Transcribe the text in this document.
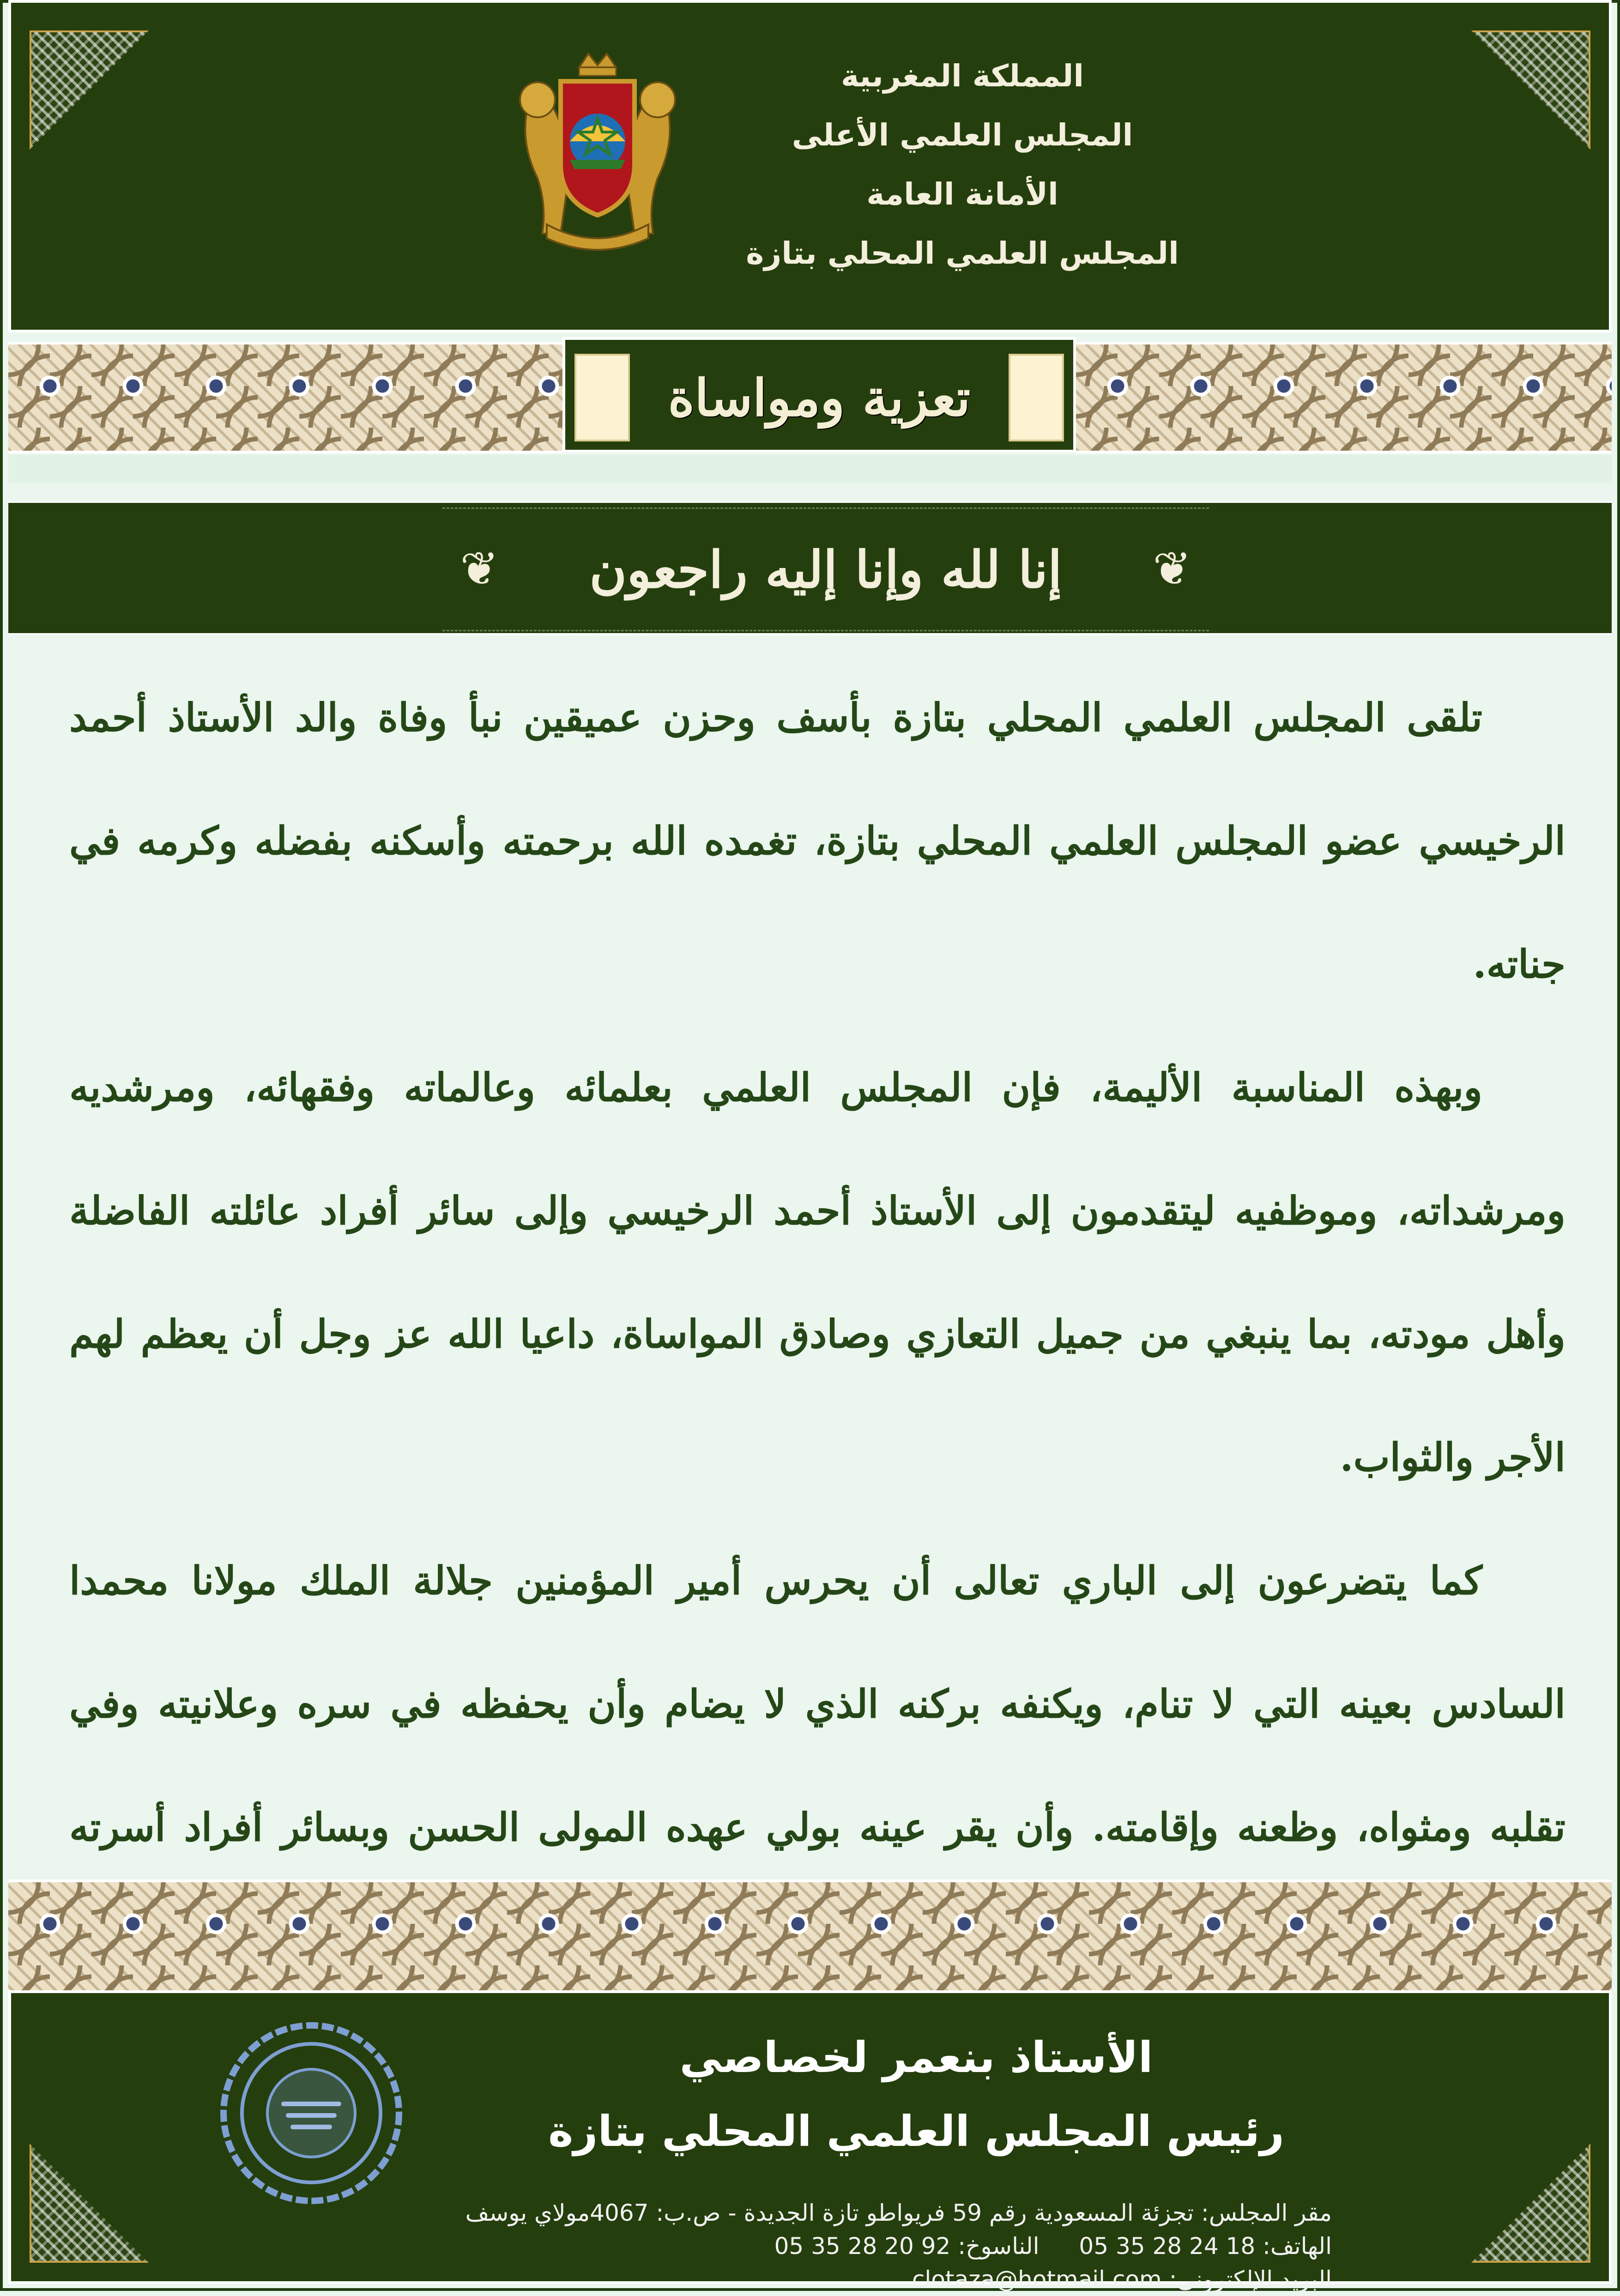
المملكة المغربية
المجلس العلمي الأعلى
الأمانة العامة
المجلس العلمي المحلي بتازة
تعزية ومواساة
❦ إنا لله وإنا إليه راجعون ❦

تلقى المجلس العلمي المحلي بتازة بأسف وحزن عميقين نبأ وفاة والد الأستاذ أحمد الرخيسي عضو المجلس العلمي المحلي بتازة، تغمده الله برحمته وأسكنه بفضله وكرمه في جناته.

وبهذه المناسبة الأليمة، فإن المجلس العلمي بعلمائه وعالماته وفقهائه، ومرشديه ومرشداته، وموظفيه ليتقدمون إلى الأستاذ أحمد الرخيسي وإلى سائر أفراد عائلته الفاضلة وأهل مودته، بما ينبغي من جميل التعازي وصادق المواساة، داعيا الله عز وجل أن يعظم لهم الأجر والثواب.

كما يتضرعون إلى الباري تعالى أن يحرس أمير المؤمنين جلالة الملك مولانا محمدا السادس بعينه التي لا تنام، ويكنفه بركنه الذي لا يضام وأن يحفظه في سره وعلانيته وفي تقلبه ومثواه، وظعنه وإقامته. وأن يقر عينه بولي عهده المولى الحسن وبسائر أفراد أسرته

الأستاذ بنعمر لخصاصي
رئيس المجلس العلمي المحلي بتازة
مقر المجلس: تجزئة المسعودية رقم 59 فريواطو تازة الجديدة - ص.ب: 4067مولاي يوسف
الهاتف: 18 24 28 35 05 الناسوخ: 92 20 28 35 05 البريد الإلكتروني: clotaza@hotmail.com
